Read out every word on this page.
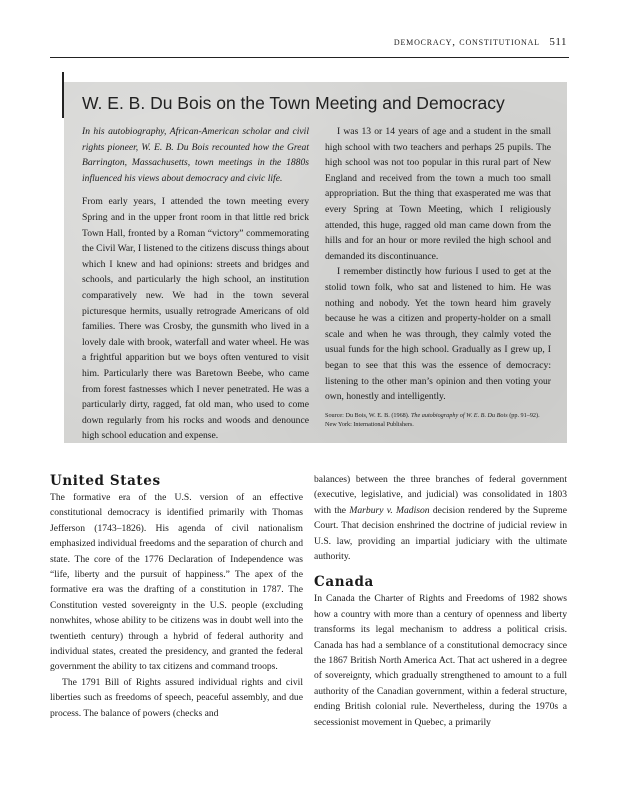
democracy, constitutional 511
W. E. B. Du Bois on the Town Meeting and Democracy

In his autobiography, African-American scholar and civil rights pioneer, W. E. B. Du Bois recounted how the Great Barrington, Massachusetts, town meetings in the 1880s influenced his views about democracy and civic life.

From early years, I attended the town meeting every Spring and in the upper front room in that little red brick Town Hall, fronted by a Roman “victory” commemorating the Civil War, I listened to the citizens discuss things about which I knew and had opinions: streets and bridges and schools, and particularly the high school, an institution comparatively new. We had in the town several picturesque hermits, usually retrograde Americans of old families. There was Crosby, the gunsmith who lived in a lovely dale with brook, waterfall and water wheel. He was a frightful apparition but we boys often ventured to visit him. Particularly there was Baretown Beebe, who came from forest fastnesses which I never penetrated. He was a particularly dirty, ragged, fat old man, who used to come down regularly from his rocks and woods and denounce high school education and expense.

I was 13 or 14 years of age and a student in the small high school with two teachers and perhaps 25 pupils. The high school was not too popular in this rural part of New England and received from the town a much too small appropriation. But the thing that exasperated me was that every Spring at Town Meeting, which I religiously attended, this huge, ragged old man came down from the hills and for an hour or more reviled the high school and demanded its discontinuance.

I remember distinctly how furious I used to get at the stolid town folk, who sat and listened to him. He was nothing and nobody. Yet the town heard him gravely because he was a citizen and property-holder on a small scale and when he was through, they calmly voted the usual funds for the high school. Gradually as I grew up, I began to see that this was the essence of democracy: listening to the other man’s opinion and then voting your own, honestly and intelligently.

Source: Du Bois, W. E. B. (1968). The autobiography of W. E. B. Du Bois (pp. 91–92). New York: International Publishers.

United States

The formative era of the U.S. version of an effective constitutional democracy is identified primarily with Thomas Jefferson (1743–1826). His agenda of civil nationalism emphasized individual freedoms and the separation of church and state. The core of the 1776 Declaration of Independence was “life, liberty and the pursuit of happiness.” The apex of the formative era was the drafting of a constitution in 1787. The Constitution vested sovereignty in the U.S. people (excluding nonwhites, whose ability to be citizens was in doubt well into the twentieth century) through a hybrid of federal authority and individual states, created the presidency, and granted the federal government the ability to tax citizens and command troops.

The 1791 Bill of Rights assured individual rights and civil liberties such as freedoms of speech, peaceful assembly, and due process. The balance of powers (checks and

balances) between the three branches of federal government (executive, legislative, and judicial) was consolidated in 1803 with the Marbury v. Madison decision rendered by the Supreme Court. That decision enshrined the doctrine of judicial review in U.S. law, providing an impartial judiciary with the ultimate authority.

Canada

In Canada the Charter of Rights and Freedoms of 1982 shows how a country with more than a century of openness and liberty transforms its legal mechanism to address a political crisis. Canada has had a semblance of a constitutional democracy since the 1867 British North America Act. That act ushered in a degree of sovereignty, which gradually strengthened to amount to a full authority of the Canadian government, within a federal structure, ending British colonial rule. Nevertheless, during the 1970s a secessionist movement in Quebec, a primarily
